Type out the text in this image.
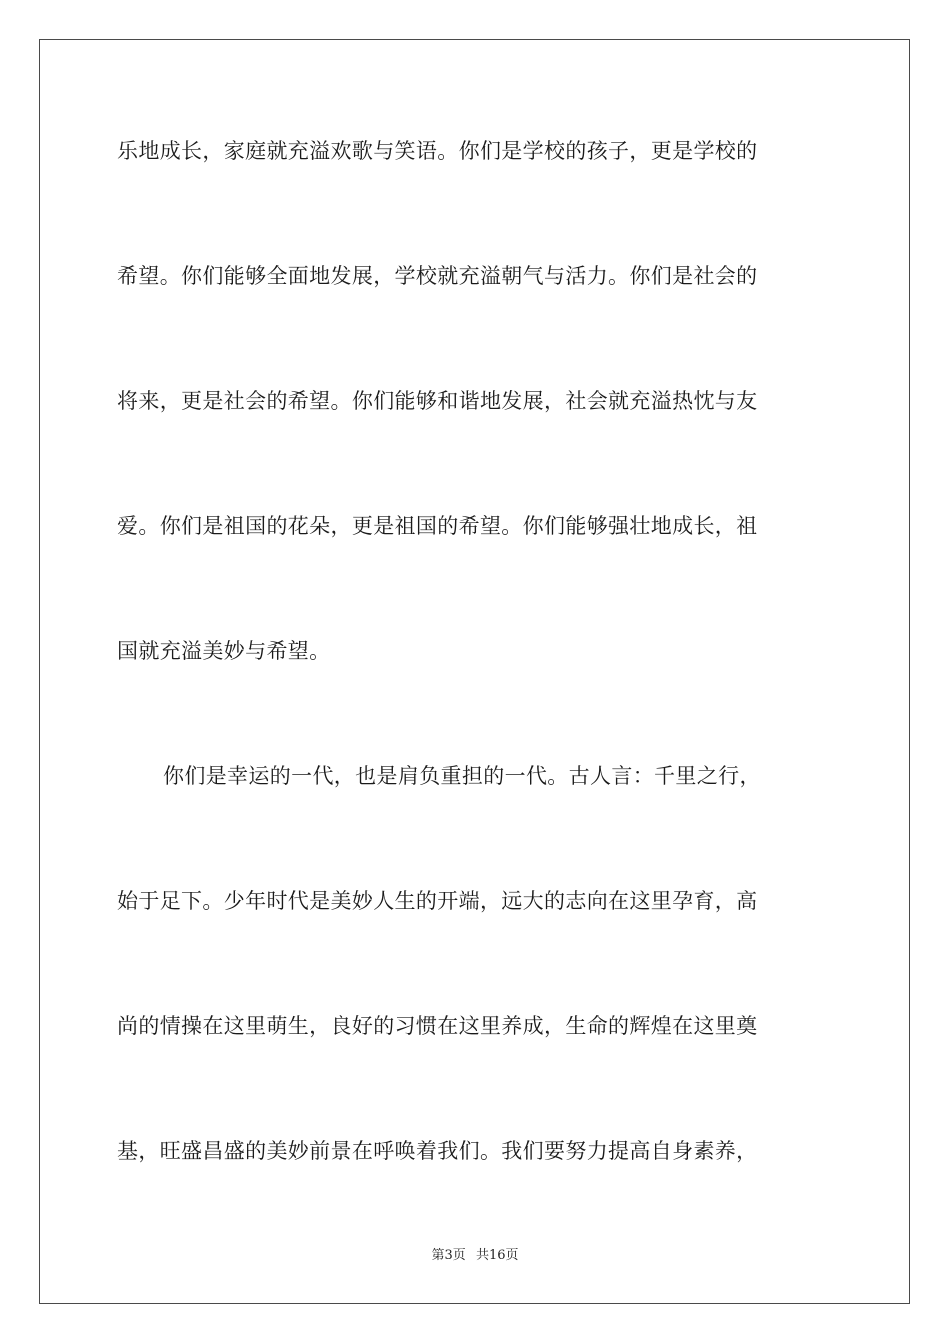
乐地成长，家庭就充溢欢歌与笑语。你们是学校的孩子，更是学校的
希望。你们能够全面地发展，学校就充溢朝气与活力。你们是社会的
将来，更是社会的希望。你们能够和谐地发展，社会就充溢热忱与友
爱。你们是祖国的花朵，更是祖国的希望。你们能够强壮地成长，祖
国就充溢美妙与希望。
你们是幸运的一代，也是肩负重担的一代。古人言：千里之行，
始于足下。少年时代是美妙人生的开端，远大的志向在这里孕育，高
尚的情操在这里萌生，良好的习惯在这里养成，生命的辉煌在这里奠
基，旺盛昌盛的美妙前景在呼唤着我们。我们要努力提高自身素养，
第3页 共16页
